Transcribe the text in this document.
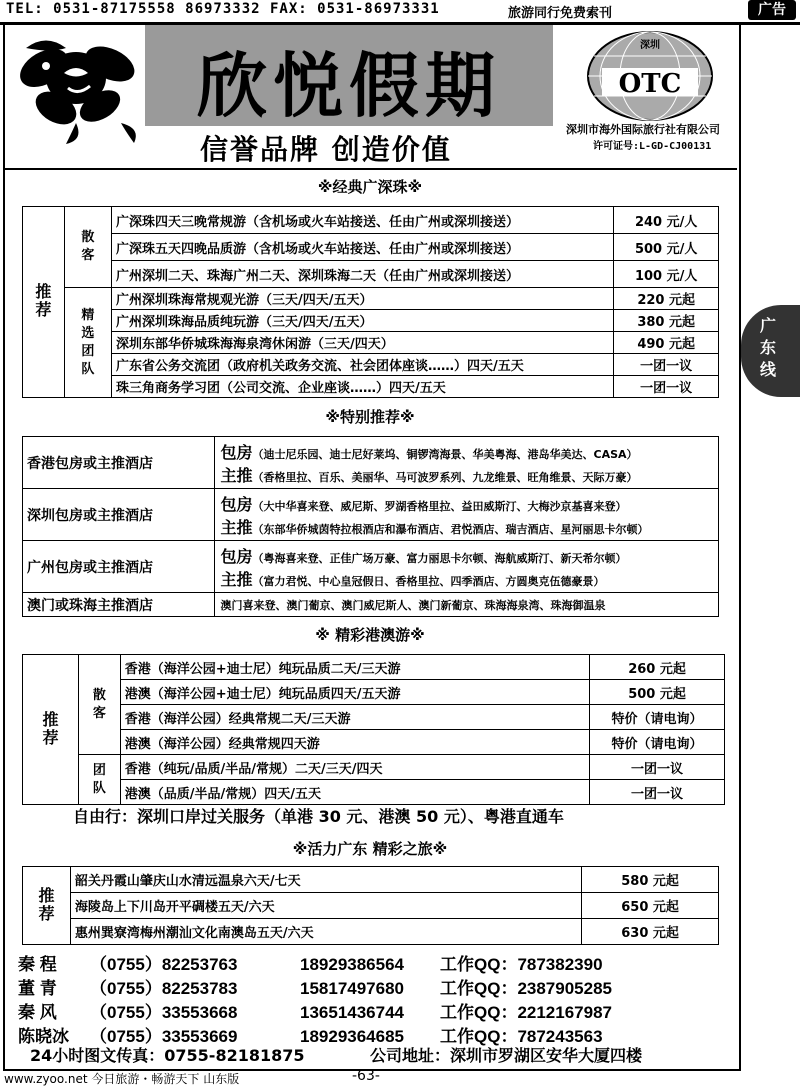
TEL: 0531-87175558 86973332 FAX: 0531-86973331	旅游同行免费索刊	广告
欣悦假期
信誉品牌 创造价值
OTC
深圳
深圳市海外国际旅行社有限公司
许可证号:L-GD-CJ00131
广东线
※经典广深珠※
推荐	散客	广深珠四天三晚常规游（含机场或火车站接送、任由广州或深圳接送）	240 元/人
		广深珠五天四晚品质游（含机场或火车站接送、任由广州或深圳接送）	500 元/人
		广州深圳二天、珠海广州二天、深圳珠海二天（任由广州或深圳接送）	100 元/人
	精选团队	广州深圳珠海常规观光游（三天/四天/五天）	220 元起
		广州深圳珠海品质纯玩游（三天/四天/五天）	380 元起
		深圳东部华侨城珠海海泉湾休闲游（三天/四天）	490 元起
		广东省公务交流团（政府机关政务交流、社会团体座谈……）四天/五天	一团一议
		珠三角商务学习团（公司交流、企业座谈……）四天/五天	一团一议
※特别推荐※
香港包房或主推酒店	包房（迪士尼乐园、迪士尼好莱坞、铜锣湾海景、华美粤海、港岛华美达、CASA）
主推（香格里拉、百乐、美丽华、马可波罗系列、九龙维景、旺角维景、天际万豪）

深圳包房或主推酒店	包房（大中华喜来登、威尼斯、罗湖香格里拉、益田威斯汀、大梅沙京基喜来登）
主推（东部华侨城茵特拉根酒店和瀑布酒店、君悦酒店、瑞吉酒店、星河丽思卡尔顿）

广州包房或主推酒店	包房（粤海喜来登、正佳广场万豪、富力丽思卡尔顿、海航威斯汀、新天希尔顿）
主推（富力君悦、中心皇冠假日、香格里拉、四季酒店、方圆奥克伍德豪景）

澳门或珠海主推酒店	澳门喜来登、澳门葡京、澳门威尼斯人、澳门新葡京、珠海海泉湾、珠海御温泉
※ 精彩港澳游※
推荐	散客	香港（海洋公园+迪士尼）纯玩品质二天/三天游	260 元起
		港澳（海洋公园+迪士尼）纯玩品质四天/五天游	500 元起
		香港（海洋公园）经典常规二天/三天游	特价（请电询）
		港澳（海洋公园）经典常规四天游	特价（请电询）
	团队	香港（纯玩/品质/半品/常规）二天/三天/四天	一团一议
		港澳（品质/半品/常规）四天/五天	一团一议
自由行：深圳口岸过关服务（单港 30 元、港澳 50 元）、粤港直通车
※活力广东 精彩之旅※
推荐	韶关丹霞山肇庆山水清远温泉六天/七天	580 元起
	海陵岛上下川岛开平碉楼五天/六天	650 元起
	惠州巽寮湾梅州潮汕文化南澳岛五天/六天	630 元起
秦 程 （0755）82253763	18929386564 工作QQ：787382390
董 青 （0755）82253783	15817497680 工作QQ：2387905285
秦 风 （0755）33553668	13651436744 工作QQ：2212167987
陈晓冰 （0755）33553669	18929364685 工作QQ：787243563
24小时图文传真：0755-82181875	公司地址：深圳市罗湖区安华大厦四楼
www.zyoo.net 今日旅游・畅游天下 山东版	-63-
